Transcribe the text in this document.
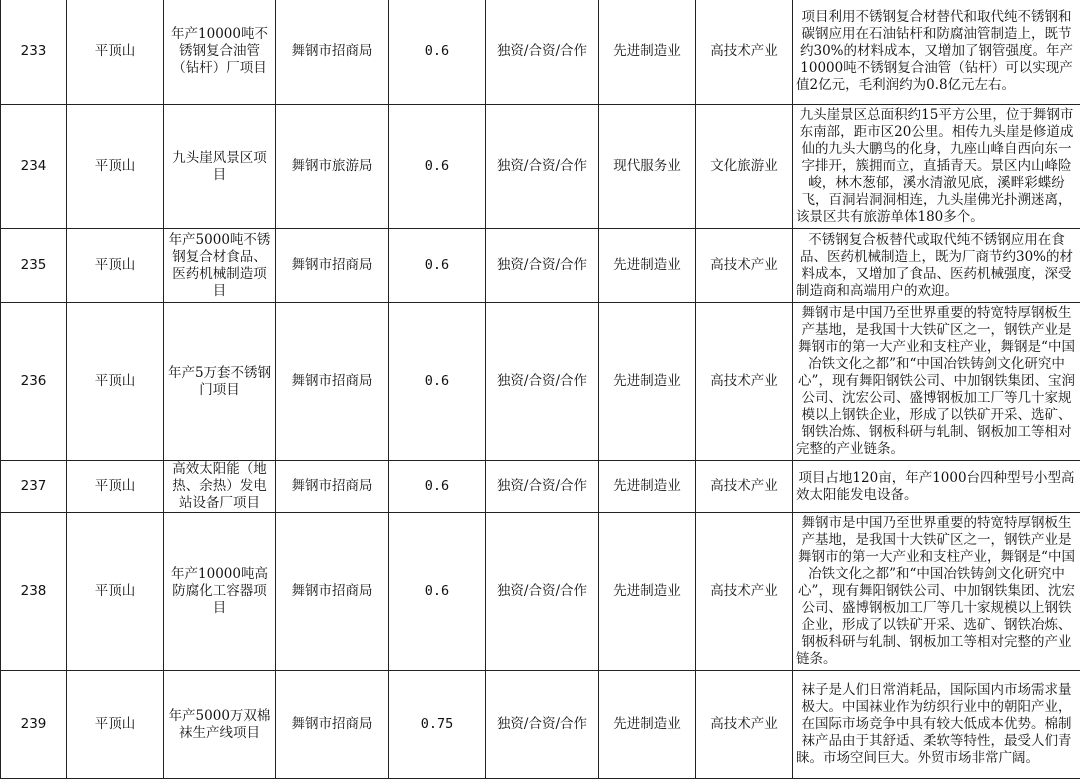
233	平顶山	年产10000吨不锈钢复合油管（钻杆）厂项目	舞钢市招商局	0.6	独资/合资/合作	先进制造业	高技术产业	项目利用不锈钢复合材替代和取代纯不锈钢和碳钢应用在石油钻杆和防腐油管制造上，既节约30%的材料成本，又增加了钢管强度。年产10000吨不锈钢复合油管（钻杆）可以实现产值2亿元，毛利润约为0.8亿元左右。
234	平顶山	九头崖风景区项目	舞钢市旅游局	0.6	独资/合资/合作	现代服务业	文化旅游业	九头崖景区总面积约15平方公里，位于舞钢市东南部，距市区20公里。相传九头崖是修道成仙的九头大鹏鸟的化身，九座山峰自西向东一字排开，簇拥而立，直插青天。景区内山峰险峻，林木葱郁，溪水清澈见底，溪畔彩蝶纷飞，百洞岩洞洞相连，九头崖佛光扑溯迷离，该景区共有旅游单体180多个。
235	平顶山	年产5000吨不锈钢复合材食品、医药机械制造项目	舞钢市招商局	0.6	独资/合资/合作	先进制造业	高技术产业	不锈钢复合板替代或取代纯不锈钢应用在食品、医药机械制造上，既为厂商节约30%的材料成本，又增加了食品、医药机械强度，深受制造商和高端用户的欢迎。
236	平顶山	年产5万套不锈钢门项目	舞钢市招商局	0.6	独资/合资/合作	先进制造业	高技术产业	舞钢市是中国乃至世界重要的特宽特厚钢板生产基地，是我国十大铁矿区之一，钢铁产业是舞钢市的第一大产业和支柱产业，舞钢是“中国冶铁文化之都”和“中国冶铁铸剑文化研究中心”，现有舞阳钢铁公司、中加钢铁集团、宝润公司、沈宏公司、盛博钢板加工厂等几十家规模以上钢铁企业，形成了以铁矿开采、选矿、钢铁冶炼、钢板科研与轧制、钢板加工等相对完整的产业链条。
237	平顶山	高效太阳能（地热、余热）发电站设备厂项目	舞钢市招商局	0.6	独资/合资/合作	先进制造业	高技术产业	项目占地120亩，年产1000台四种型号小型高效太阳能发电设备。
238	平顶山	年产10000吨高防腐化工容器项目	舞钢市招商局	0.6	独资/合资/合作	先进制造业	高技术产业	舞钢市是中国乃至世界重要的特宽特厚钢板生产基地，是我国十大铁矿区之一，钢铁产业是舞钢市的第一大产业和支柱产业，舞钢是“中国冶铁文化之都”和“中国冶铁铸剑文化研究中心”，现有舞阳钢铁公司、中加钢铁集团、沈宏公司、盛博钢板加工厂等几十家规模以上钢铁企业，形成了以铁矿开采、选矿、钢铁冶炼、钢板科研与轧制、钢板加工等相对完整的产业链条。
239	平顶山	年产5000万双棉袜生产线项目	舞钢市招商局	0.75	独资/合资/合作	先进制造业	高技术产业	袜子是人们日常消耗品，国际国内市场需求量极大。中国袜业作为纺织行业中的朝阳产业，在国际市场竞争中具有较大低成本优势。棉制袜产品由于其舒适、柔软等特性，最受人们青睐。市场空间巨大。外贸市场非常广阔。
